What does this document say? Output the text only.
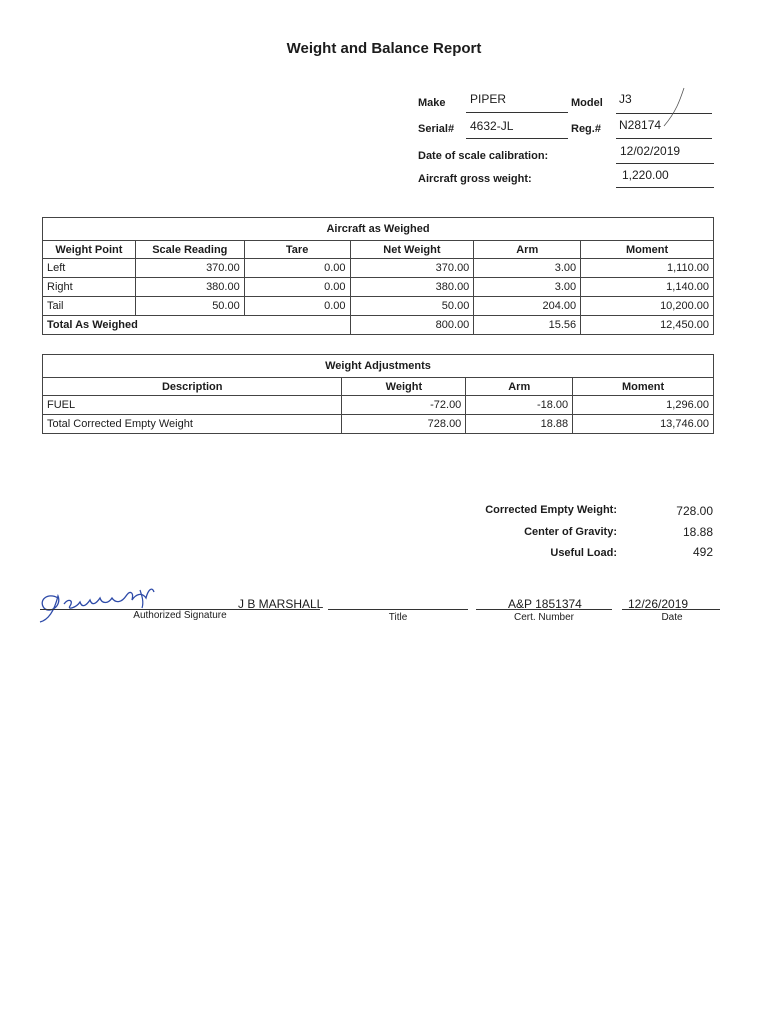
Weight and Balance Report
Make PIPER	Model J3
Serial# 4632-JL	Reg.# N28174
Date of scale calibration:	12/02/2019
Aircraft gross weight:	1,220.00
Aircraft as Weighed					
Weight Point	Scale Reading	Tare	Net Weight	Arm	Moment
Left	370.00	0.00	370.00	3.00	1,110.00
Right	380.00	0.00	380.00	3.00	1,140.00
Tail	50.00	0.00	50.00	204.00	10,200.00
Total As Weighed			800.00	15.56	12,450.00
Weight Adjustments			
Description	Weight	Arm	Moment
FUEL	-72.00	-18.00	1,296.00
Total Corrected Empty Weight	728.00	18.88	13,746.00
Corrected Empty Weight:	728.00
Center of Gravity:	18.88
Useful Load:	492
J B MARSHALL
Authorized Signature	Title
A&P 1851374
Cert. Number
12/26/2019
Date
